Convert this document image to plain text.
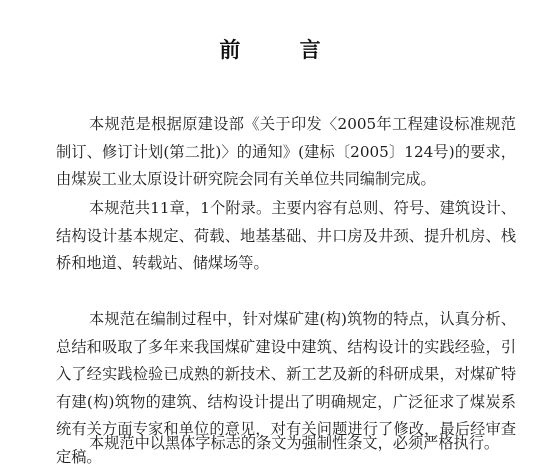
前 言

本规范是根据原建设部《关于印发〈2005年工程建设标准规范制订、修订计划(第二批)〉的通知》(建标〔2005〕124号)的要求，由煤炭工业太原设计研究院会同有关单位共同编制完成。

本规范共11章，1个附录。主要内容有总则、符号、建筑设计、结构设计基本规定、荷载、地基基础、井口房及井颈、提升机房、栈桥和地道、转载站、储煤场等。

本规范在编制过程中，针对煤矿建(构)筑物的特点，认真分析、总结和吸取了多年来我国煤矿建设中建筑、结构设计的实践经验，引入了经实践检验已成熟的新技术、新工艺及新的科研成果，对煤矿特有建(构)筑物的建筑、结构设计提出了明确规定，广泛征求了煤炭系统有关方面专家和单位的意见，对有关问题进行了修改，最后经审查定稿。

本规范中以黑体字标志的条文为强制性条文，必须严格执行。
